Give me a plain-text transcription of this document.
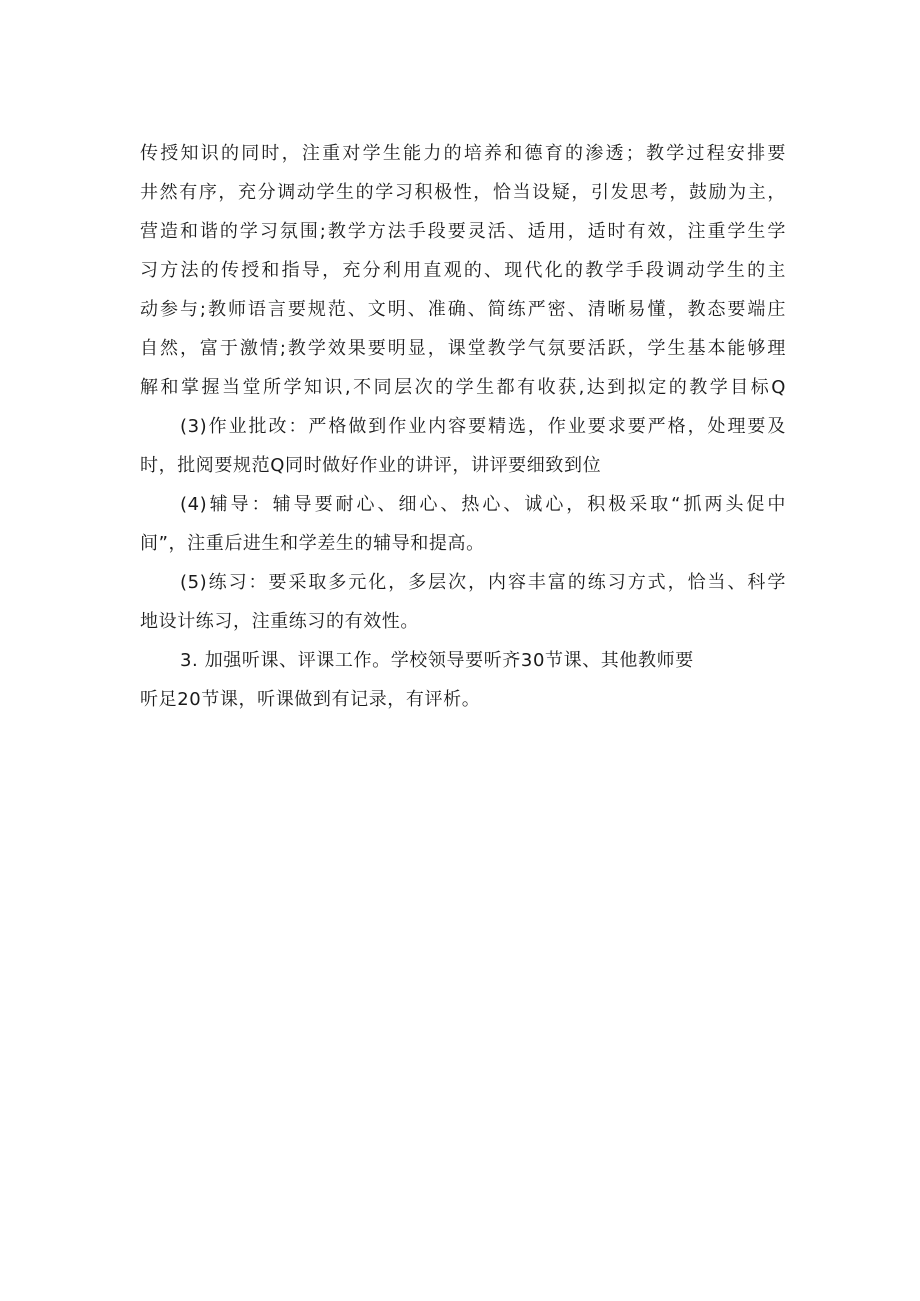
传授知识的同时，注重对学生能力的培养和德育的渗透；教学过程安排要
井然有序，充分调动学生的学习积极性，恰当设疑，引发思考，鼓励为主，
营造和谐的学习氛围;教学方法手段要灵活、适用，适时有效，注重学生学
习方法的传授和指导，充分利用直观的、现代化的教学手段调动学生的主
动参与;教师语言要规范、文明、准确、简练严密、清晰易懂，教态要端庄
自然，富于激情;教学效果要明显，课堂教学气氛要活跃，学生基本能够理
解和掌握当堂所学知识,不同层次的学生都有收获,达到拟定的教学目标Q
(3)作业批改：严格做到作业内容要精选，作业要求要严格，处理要及
时，批阅要规范Q同时做好作业的讲评，讲评要细致到位
(4)辅导：辅导要耐心、细心、热心、诚心，积极采取“抓两头促中
间”，注重后进生和学差生的辅导和提高。
(5)练习：要采取多元化，多层次，内容丰富的练习方式，恰当、科学
地设计练习，注重练习的有效性。
3. 加强听课、评课工作。学校领导要听齐30节课、其他教师要
听足20节课，听课做到有记录，有评析。
